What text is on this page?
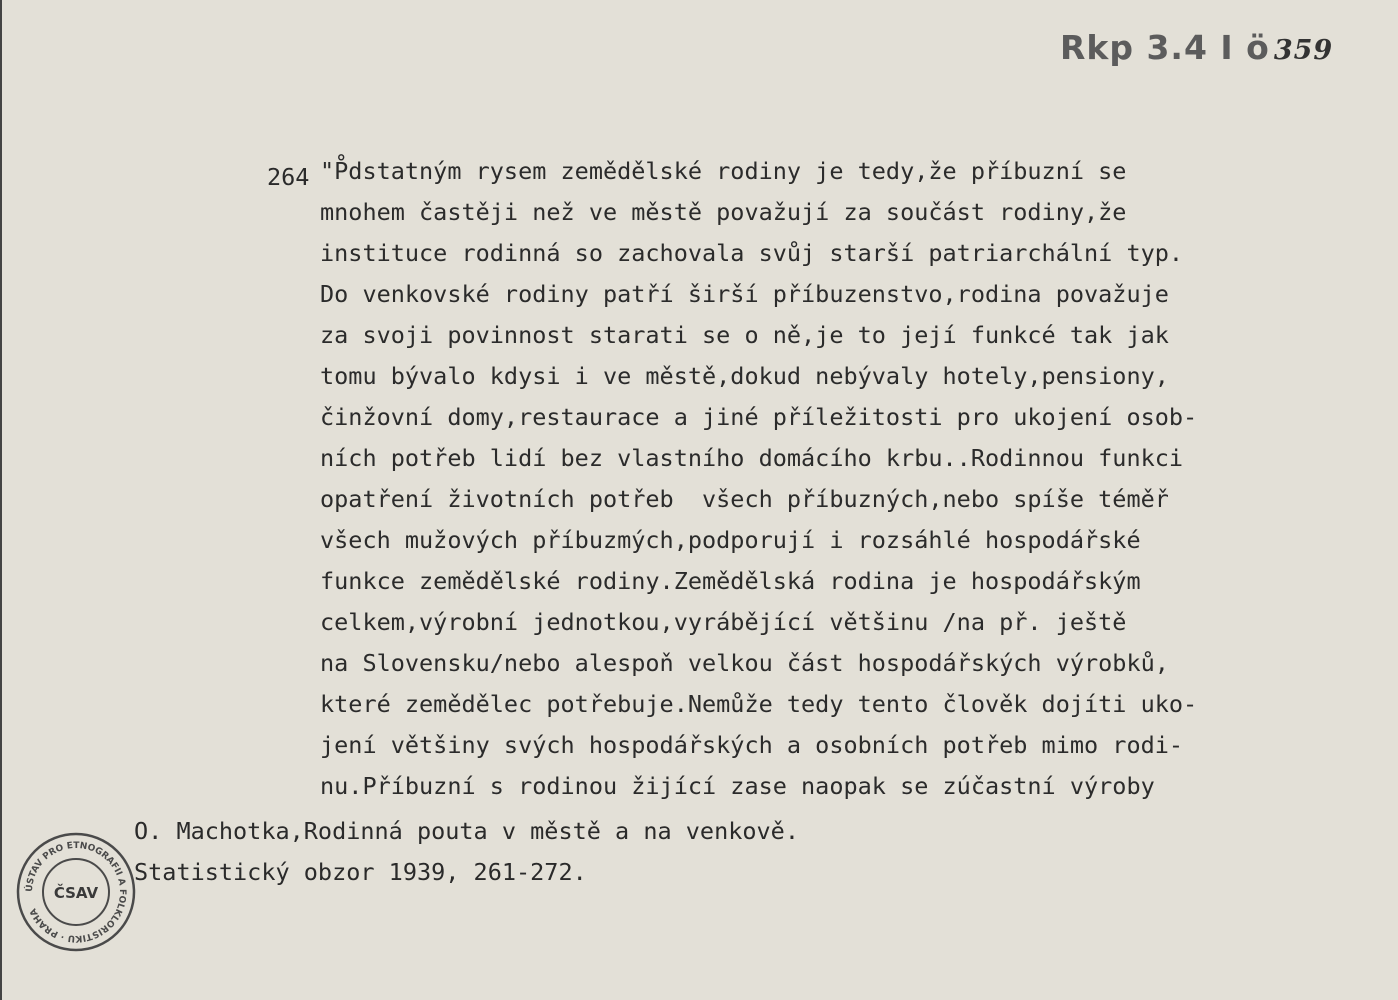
Rkp 3.4 I ö 359
264 "P̊dstatným rysem zemědělské rodiny je tedy,že příbuzní se
mnohem častěji než ve městě považují za součást rodiny,že
instituce rodinná so zachovala svůj starší patriarchální typ.
Do venkovské rodiny patří širší příbuzenstvo,rodina považuje
za svoji povinnost starati se o ně,je to její funkcé tak jak
tomu bývalo kdysi i ve městě,dokud nebývaly hotely,pensiony,
činžovní domy,restaurace a jiné příležitosti pro ukojení osob-
ních potřeb lidí bez vlastního domácího krbu..Rodinnou funkci
opatření životních potřeb  všech příbuzných,nebo spíše téměř
všech mužových příbuzmých,podporují i rozsáhlé hospodářské
funkce zemědělské rodiny.Zemědělská rodina je hospodářským
celkem,výrobní jednotkou,vyrábějící většinu /na př. ještě
na Slovensku/nebo alespoň velkou část hospodářských výrobků,
které zemědělec potřebuje.Nemůže tedy tento člověk dojíti uko-
jení většiny svých hospodářských a osobních potřeb mimo rodi-
nu.Příbuzní s rodinou žijící zase naopak se zúčastní výroby
O. Machotka,Rodinná pouta v městě a na venkově.
Statistický obzor 1939, 261-272.
ÚSTAV PRO ETNOGRAFII A FOLKLORISTIKU · PRAHA
ČSAV
